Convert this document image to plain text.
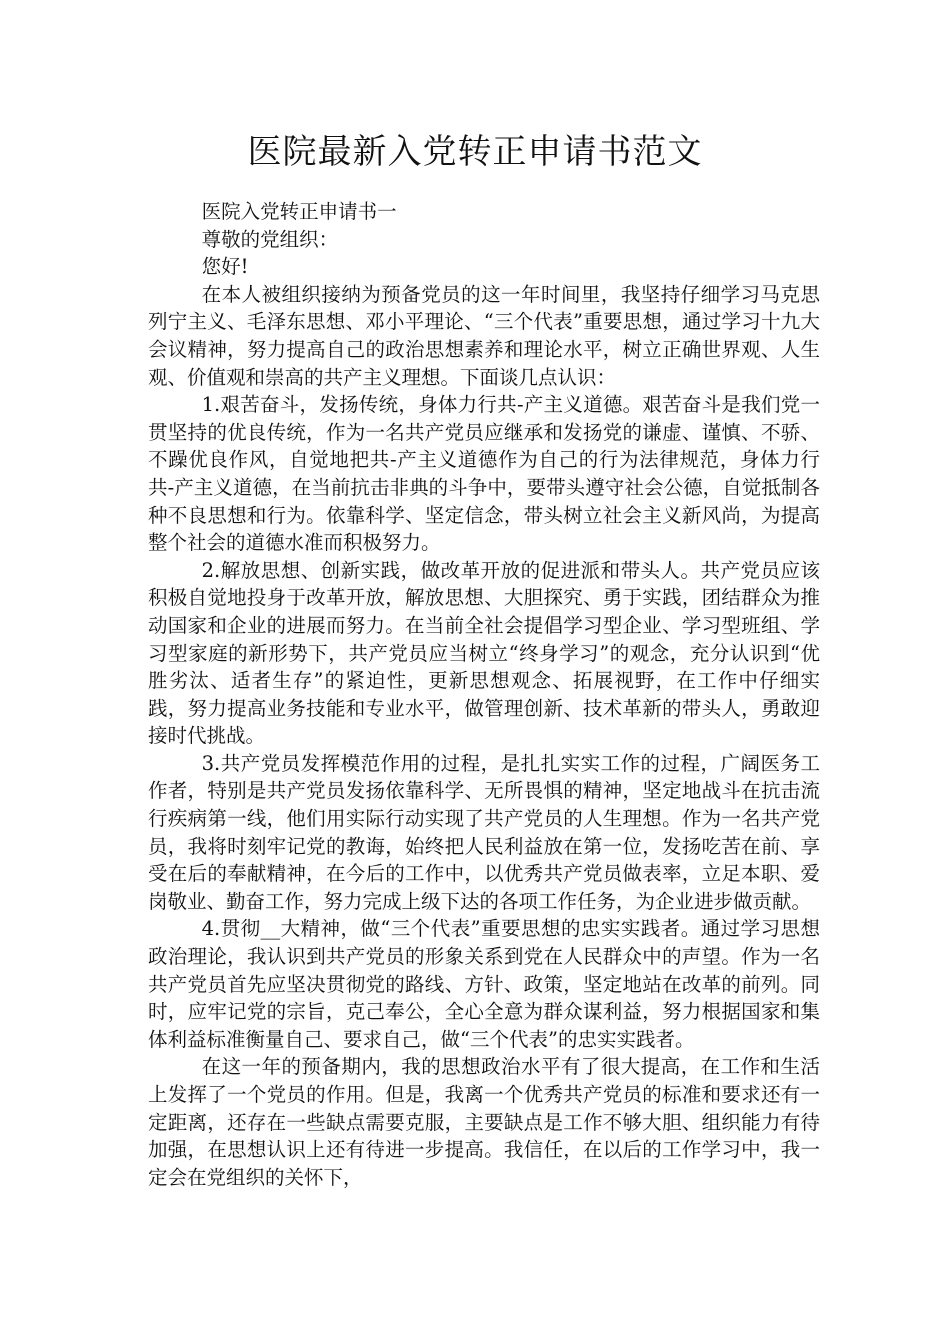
医院最新入党转正申请书范文

医院入党转正申请书一

尊敬的党组织：

您好!

在本人被组织接纳为预备党员的这一年时间里，我坚持仔细学习马克思列宁主义、毛泽东思想、邓小平理论、“三个代表”重要思想，通过学习十九大会议精神，努力提高自己的政治思想素养和理论水平，树立正确世界观、人生观、价值观和崇高的共产主义理想。下面谈几点认识：

1.艰苦奋斗，发扬传统，身体力行共-产主义道德。艰苦奋斗是我们党一贯坚持的优良传统，作为一名共产党员应继承和发扬党的谦虚、谨慎、不骄、不躁优良作风，自觉地把共-产主义道德作为自己的行为法律规范，身体力行共-产主义道德，在当前抗击非典的斗争中，要带头遵守社会公德，自觉抵制各种不良思想和行为。依靠科学、坚定信念，带头树立社会主义新风尚，为提高整个社会的道德水准而积极努力。

2.解放思想、创新实践，做改革开放的促进派和带头人。共产党员应该积极自觉地投身于改革开放，解放思想、大胆探究、勇于实践，团结群众为推动国家和企业的进展而努力。在当前全社会提倡学习型企业、学习型班组、学习型家庭的新形势下，共产党员应当树立“终身学习”的观念，充分认识到“优胜劣汰、适者生存”的紧迫性，更新思想观念、拓展视野，在工作中仔细实践，努力提高业务技能和专业水平，做管理创新、技术革新的带头人，勇敢迎接时代挑战。

3.共产党员发挥模范作用的过程，是扎扎实实工作的过程，广阔医务工作者，特别是共产党员发扬依靠科学、无所畏惧的精神，坚定地战斗在抗击流行疾病第一线，他们用实际行动实现了共产党员的人生理想。作为一名共产党员，我将时刻牢记党的教诲，始终把人民利益放在第一位，发扬吃苦在前、享受在后的奉献精神，在今后的工作中，以优秀共产党员做表率，立足本职、爱岗敬业、勤奋工作，努力完成上级下达的各项工作任务，为企业进步做贡献。

4.贯彻__大精神，做“三个代表”重要思想的忠实实践者。通过学习思想政治理论，我认识到共产党员的形象关系到党在人民群众中的声望。作为一名共产党员首先应坚决贯彻党的路线、方针、政策，坚定地站在改革的前列。同时，应牢记党的宗旨，克己奉公，全心全意为群众谋利益，努力根据国家和集体利益标准衡量自己、要求自己，做“三个代表”的忠实实践者。

在这一年的预备期内，我的思想政治水平有了很大提高，在工作和生活上发挥了一个党员的作用。但是，我离一个优秀共产党员的标准和要求还有一定距离，还存在一些缺点需要克服，主要缺点是工作不够大胆、组织能力有待加强，在思想认识上还有待进一步提高。我信任，在以后的工作学习中，我一定会在党组织的关怀下，
